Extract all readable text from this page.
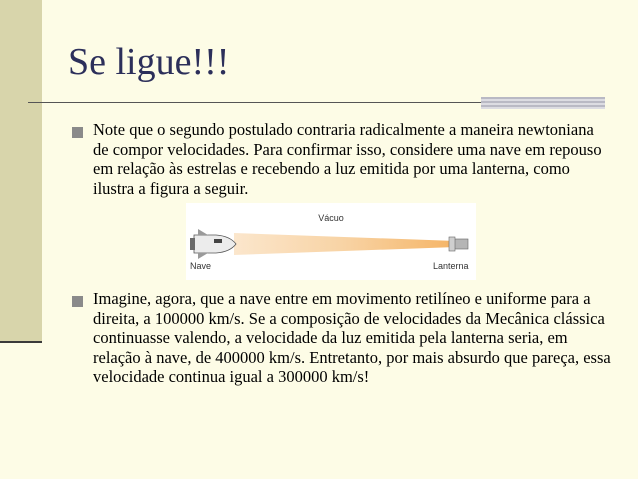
Se ligue!!!
Note que o segundo postulado contraria radicalmente a maneira newtoniana de compor velocidades. Para confirmar isso, considere uma nave em repouso em relação às estrelas e recebendo a luz emitida por uma lanterna, como ilustra a figura a seguir.
Vácuo
Nave	Lanterna
Imagine, agora, que a nave entre em movimento retilíneo e uniforme para a direita, a 100000 km/s. Se a composição de velocidades da Mecânica clássica continuasse valendo, a velocidade da luz emitida pela lanterna seria, em relação à nave, de 400000 km/s. Entretanto, por mais absurdo que pareça, essa velocidade continua igual a 300000 km/s!
